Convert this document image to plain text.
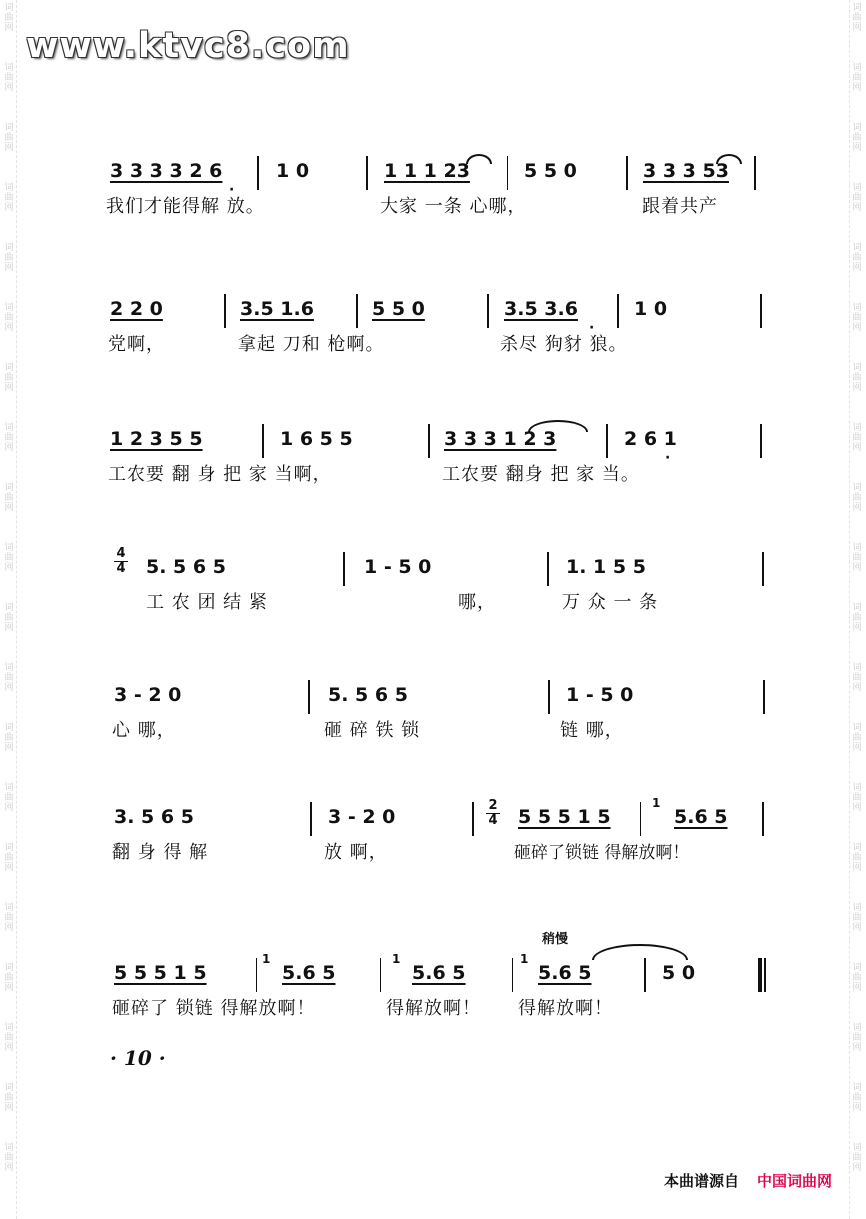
词
曲
网
词
曲
网
词
曲
网
词
曲
网
词
曲
网
词
曲
网
词
曲
网
词
曲
网
词
曲
网
词
曲
网
词
曲
网
词
曲
网
词
曲
网
词
曲
网
词
曲
网
词
曲
网
词
曲
网
词
曲
网
词
曲
网
词
曲
网
词
曲
网
词
曲
网
词
曲
网
词
曲
网
词
曲
网
词
曲
网
词
曲
网
词
曲
网
词
曲
网
词
曲
网
词
曲
网
词
曲
网
词
曲
网
词
曲
网
词
曲
网
词
曲
网
词
曲
网
词
曲
网
词
曲
网
词
曲
网
www.ktvc8.com
3 3 3 3 2 6
·
1 0	1 1 1 23	5 5 0	3 3 3 53
我们才能得解 放。	大家 一条 心哪，	跟着共产
2 2 0	3.5 1.6	5 5 0	3.5 3.6
·
1 0
党啊，	拿起 刀和 枪啊。	杀尽 狗豺 狼。
1 2 3 5 5	1 6 5 5	3 3 3 1 2 3	2 6 1
·
工农要 翻 身 把 家 当啊，	工农要 翻身 把 家 当。
4
4 5. 5 6 5	1 - 5 0	1. 1 5 5
工 农 团 结 紧	哪，	万 众 一 条
3 - 2 0	5. 5 6 5	1 - 5 0
心 哪，	砸 碎 铁 锁	链 哪，
3. 5 6 5	3 - 2 0
2
4 5 5 5 1 5
1
5.6 5
翻 身 得 解	放 啊，	砸碎了锁链 得解放啊！
稍慢
5 5 5 1 5
1
5.6 5
1
5.6 5
1
5.6 5	5 0
砸碎了 锁链 得解放啊！	得解放啊！ 得解放啊！
· 10 ·
本曲谱源自 中国词曲网
